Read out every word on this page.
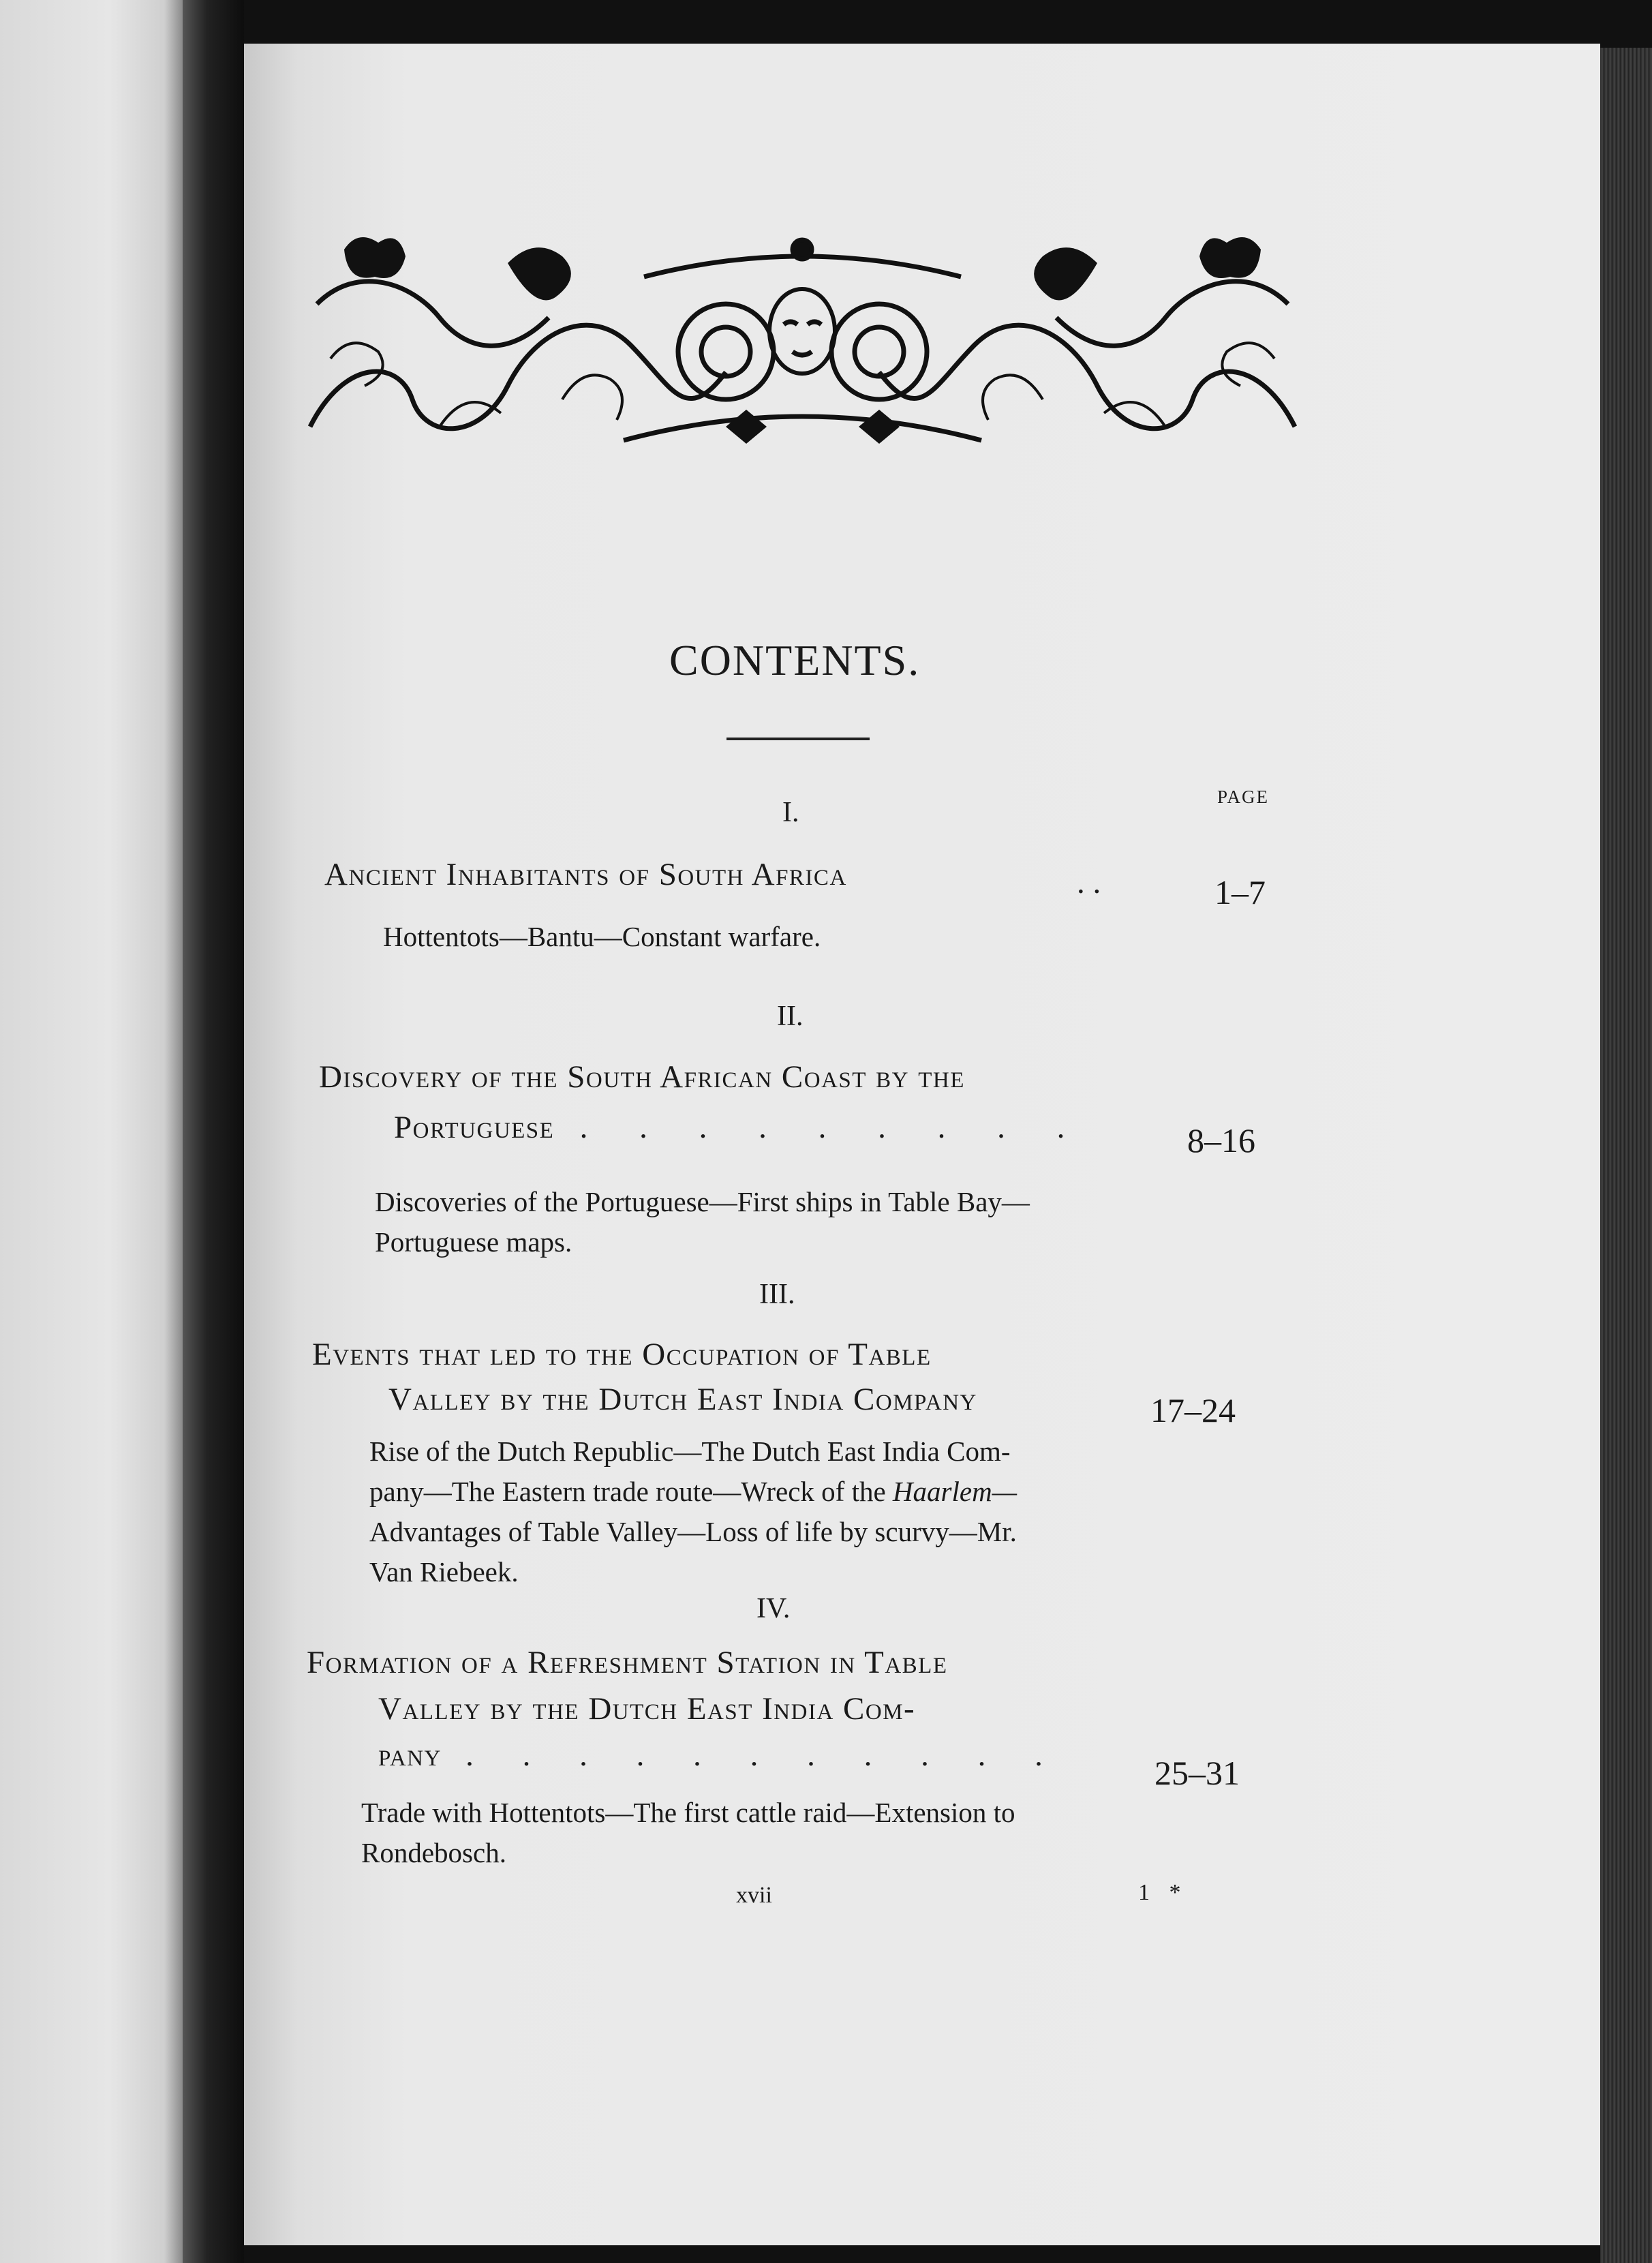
CONTENTS.
PAGE
I.
Ancient Inhabitants of South Africa	. .	1–7
Hottentots—Bantu—Constant warfare.
II.
Discovery of the South African Coast by the
Portuguese . . . . . . . . .	8–16
Discoveries of the Portuguese—First ships in Table Bay—
Portuguese maps.
III.
Events that led to the Occupation of Table
Valley by the Dutch East India Company	17–24
Rise of the Dutch Republic—The Dutch East India Com-
pany—The Eastern trade route—Wreck of the Haarlem—
Advantages of Table Valley—Loss of life by scurvy—Mr.
Van Riebeek.
IV.
Formation of a Refreshment Station in Table
Valley by the Dutch East India Com-
pany . . . . . . . . . . .	25–31
Trade with Hottentots—The first cattle raid—Extension to
Rondebosch.
xvii	1 *
